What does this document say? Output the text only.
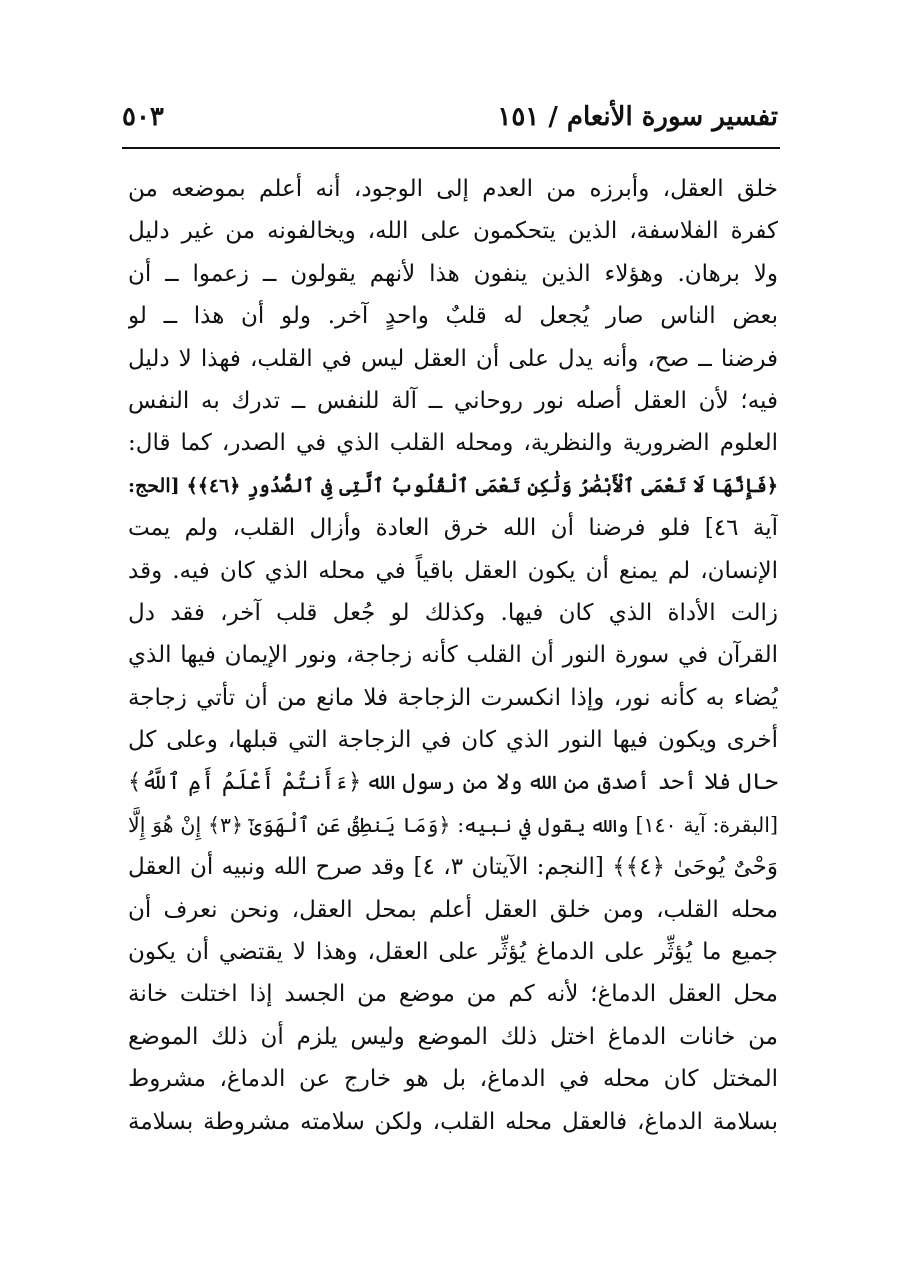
تفسير سورة الأنعام / ١٥١
٥٠٣
خلق العقل، وأبرزه من العدم إلى الوجود، أنه أعلم بموضعه من
كفرة الفلاسفة، الذين يتحكمون على الله، ويخالفونه من غير دليل
ولا برهان. وهؤلاء الذين ينفون هذا لأنهم يقولون ــ زعموا ــ أن
بعض الناس صار يُجعل له قلبٌ واحدٍ آخر. ولو أن هذا ــ لو
فرضنا ــ صح، وأنه يدل على أن العقل ليس في القلب، فهذا لا دليل
فيه؛ لأن العقل أصله نور روحاني ــ آلة للنفس ــ تدرك به النفس
العلوم الضرورية والنظرية، ومحله القلب الذي في الصدر، كما قال:
﴿فَإِنَّهَا لَا تَعْمَى ٱلْأَبْصَٰرُ وَلَٰكِن تَعْمَى ٱلْقُلُوبُ ٱلَّتِى فِى ٱلصُّدُورِ ﴿٤٦﴾﴾ [الحج:
آية ٤٦] فلو فرضنا أن الله خرق العادة وأزال القلب، ولم يمت
الإنسان، لم يمنع أن يكون العقل باقياً في محله الذي كان فيه. وقد
زالت الأداة الذي كان فيها. وكذلك لو جُعل قلب آخر، فقد دل
القرآن في سورة النور أن القلب كأنه زجاجة، ونور الإيمان فيها الذي
يُضاء به كأنه نور، وإذا انكسرت الزجاجة فلا مانع من أن تأتي زجاجة
أخرى ويكون فيها النور الذي كان في الزجاجة التي قبلها، وعلى كل
حال فلا أحد أصدق من الله ولا من رسول الله ﴿ءَأَنتُمْ أَعْلَمُ أَمِ ٱللَّهُ﴾
[البقرة: آية ١٤٠] والله يقول في نبيه: ﴿وَمَا يَنطِقُ عَنِ ٱلْهَوَىٰٓ ﴿٣﴾ إِنْ هُوَ إِلَّا
وَحْىٌ يُوحَىٰ ﴿٤﴾﴾ [النجم: الآيتان ٣، ٤] وقد صرح الله ونبيه أن العقل
محله القلب، ومن خلق العقل أعلم بمحل العقل، ونحن نعرف أن
جميع ما يُؤثِّر على الدماغ يُؤثِّر على العقل، وهذا لا يقتضي أن يكون
محل العقل الدماغ؛ لأنه كم من موضع من الجسد إذا اختلت خانة
من خانات الدماغ اختل ذلك الموضع وليس يلزم أن ذلك الموضع
المختل كان محله في الدماغ، بل هو خارج عن الدماغ، مشروط
بسلامة الدماغ، فالعقل محله القلب، ولكن سلامته مشروطة بسلامة
